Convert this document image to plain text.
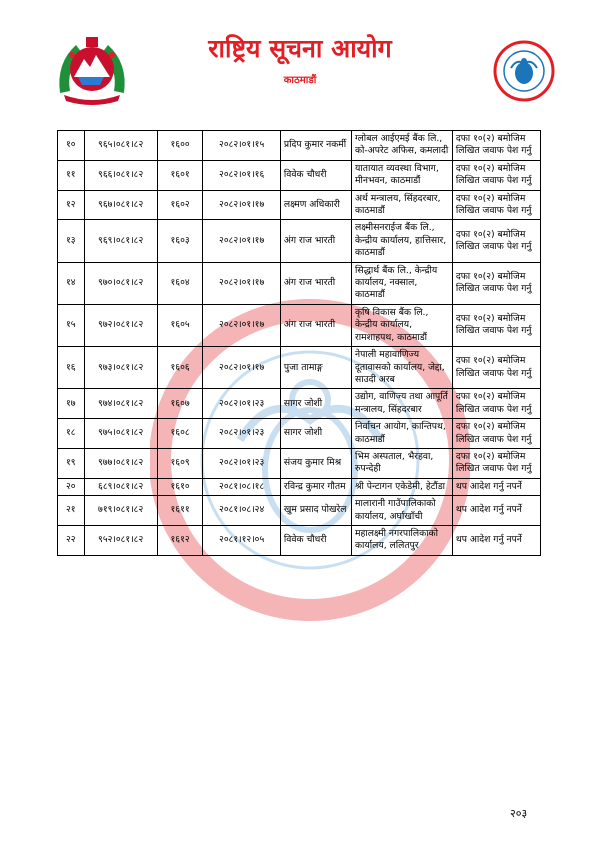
राष्ट्रिय सूचना आयोग
काठमाडौं
१०	९६५।०८१।८२	१६००	२०८२।०१।१५	प्रदिप कुमार नकर्मी	ग्लोबल आईएमई बैंक लि., को-अपरेट अफिस, कमलादी	दफा १०(२) बमोजिम लिखित जवाफ पेश गर्नु
११	९६६।०८१।८२	१६०१	२०८२।०१।१६	विवेक चौधरी	यातायात व्यवस्था विभाग, मीनभवन, काठमाडौं	दफा १०(२) बमोजिम लिखित जवाफ पेश गर्नु
१२	९६७।०८१।८२	१६०२	२०८२।०१।१७	लक्ष्मण अधिकारी	अर्थ मन्त्रालय, सिंहदरबार, काठमाडौं	दफा १०(२) बमोजिम लिखित जवाफ पेश गर्नु
१३	९६९।०८१।८२	१६०३	२०८२।०१।१७	अंग राज भारती	लक्ष्मीसनराईज बैंक लि., केन्द्रीय कार्यालय, हात्तिसार, काठमाडौं	दफा १०(२) बमोजिम लिखित जवाफ पेश गर्नु
१४	९७०।०८१।८२	१६०४	२०८२।०१।१७	अंग राज भारती	सिद्धार्थ बैंक लि., केन्द्रीय कार्यालय, नक्साल, काठमाडौं	दफा १०(२) बमोजिम लिखित जवाफ पेश गर्नु
१५	९७२।०८१।८२	१६०५	२०८२।०१।१७	अंग राज भारती	कृषि विकास बैंक लि., केन्द्रीय कार्यालय, रामशाहपथ, काठमाडौं	दफा १०(२) बमोजिम लिखित जवाफ पेश गर्नु
१६	९७३।०८१।८२	१६०६	२०८२।०१।१७	पुजा तामाङ्ग	नेपाली महावाणिज्य दूतावासको कार्यालय, जेद्दा, साउदी अरब	दफा १०(२) बमोजिम लिखित जवाफ पेश गर्नु
१७	९७४।०८१।८२	१६०७	२०८२।०१।२३	सागर जोशी	उद्योग, वाणिज्य तथा आपूर्ति मन्त्रालय, सिंहदरबार	दफा १०(२) बमोजिम लिखित जवाफ पेश गर्नु
१८	९७५।०८१।८२	१६०८	२०८२।०१।२३	सागर जोशी	निर्वाचन आयोग, कान्तिपथ, काठमाडौं	दफा १०(२) बमोजिम लिखित जवाफ पेश गर्नु
१९	९७७।०८१।८२	१६०९	२०८२।०१।२३	संजय कुमार मिश्र	भिम अस्पताल, भैरहवा, रुपन्देही	दफा १०(२) बमोजिम लिखित जवाफ पेश गर्नु
२०	६८९।०८१।८२	१६१०	२०८१।०८।१८	रविन्द्र कुमार गौतम	श्री पेन्टागन एकेडेमी, हेटौंडा	थप आदेश गर्नु नपर्ने
२१	७१९।०८१।८२	१६११	२०८१।०८।२४	खुम प्रसाद पोखरेल	मालारानी गाउँपालिकाको कार्यालय, अर्घाखाँची	थप आदेश गर्नु नपर्ने
२२	९५२।०८१।८२	१६१२	२०८१।१२।०५	विवेक चौधरी	महालक्ष्मी नगरपालिकाको कार्यालय, ललितपुर	थप आदेश गर्नु नपर्ने
२०३
